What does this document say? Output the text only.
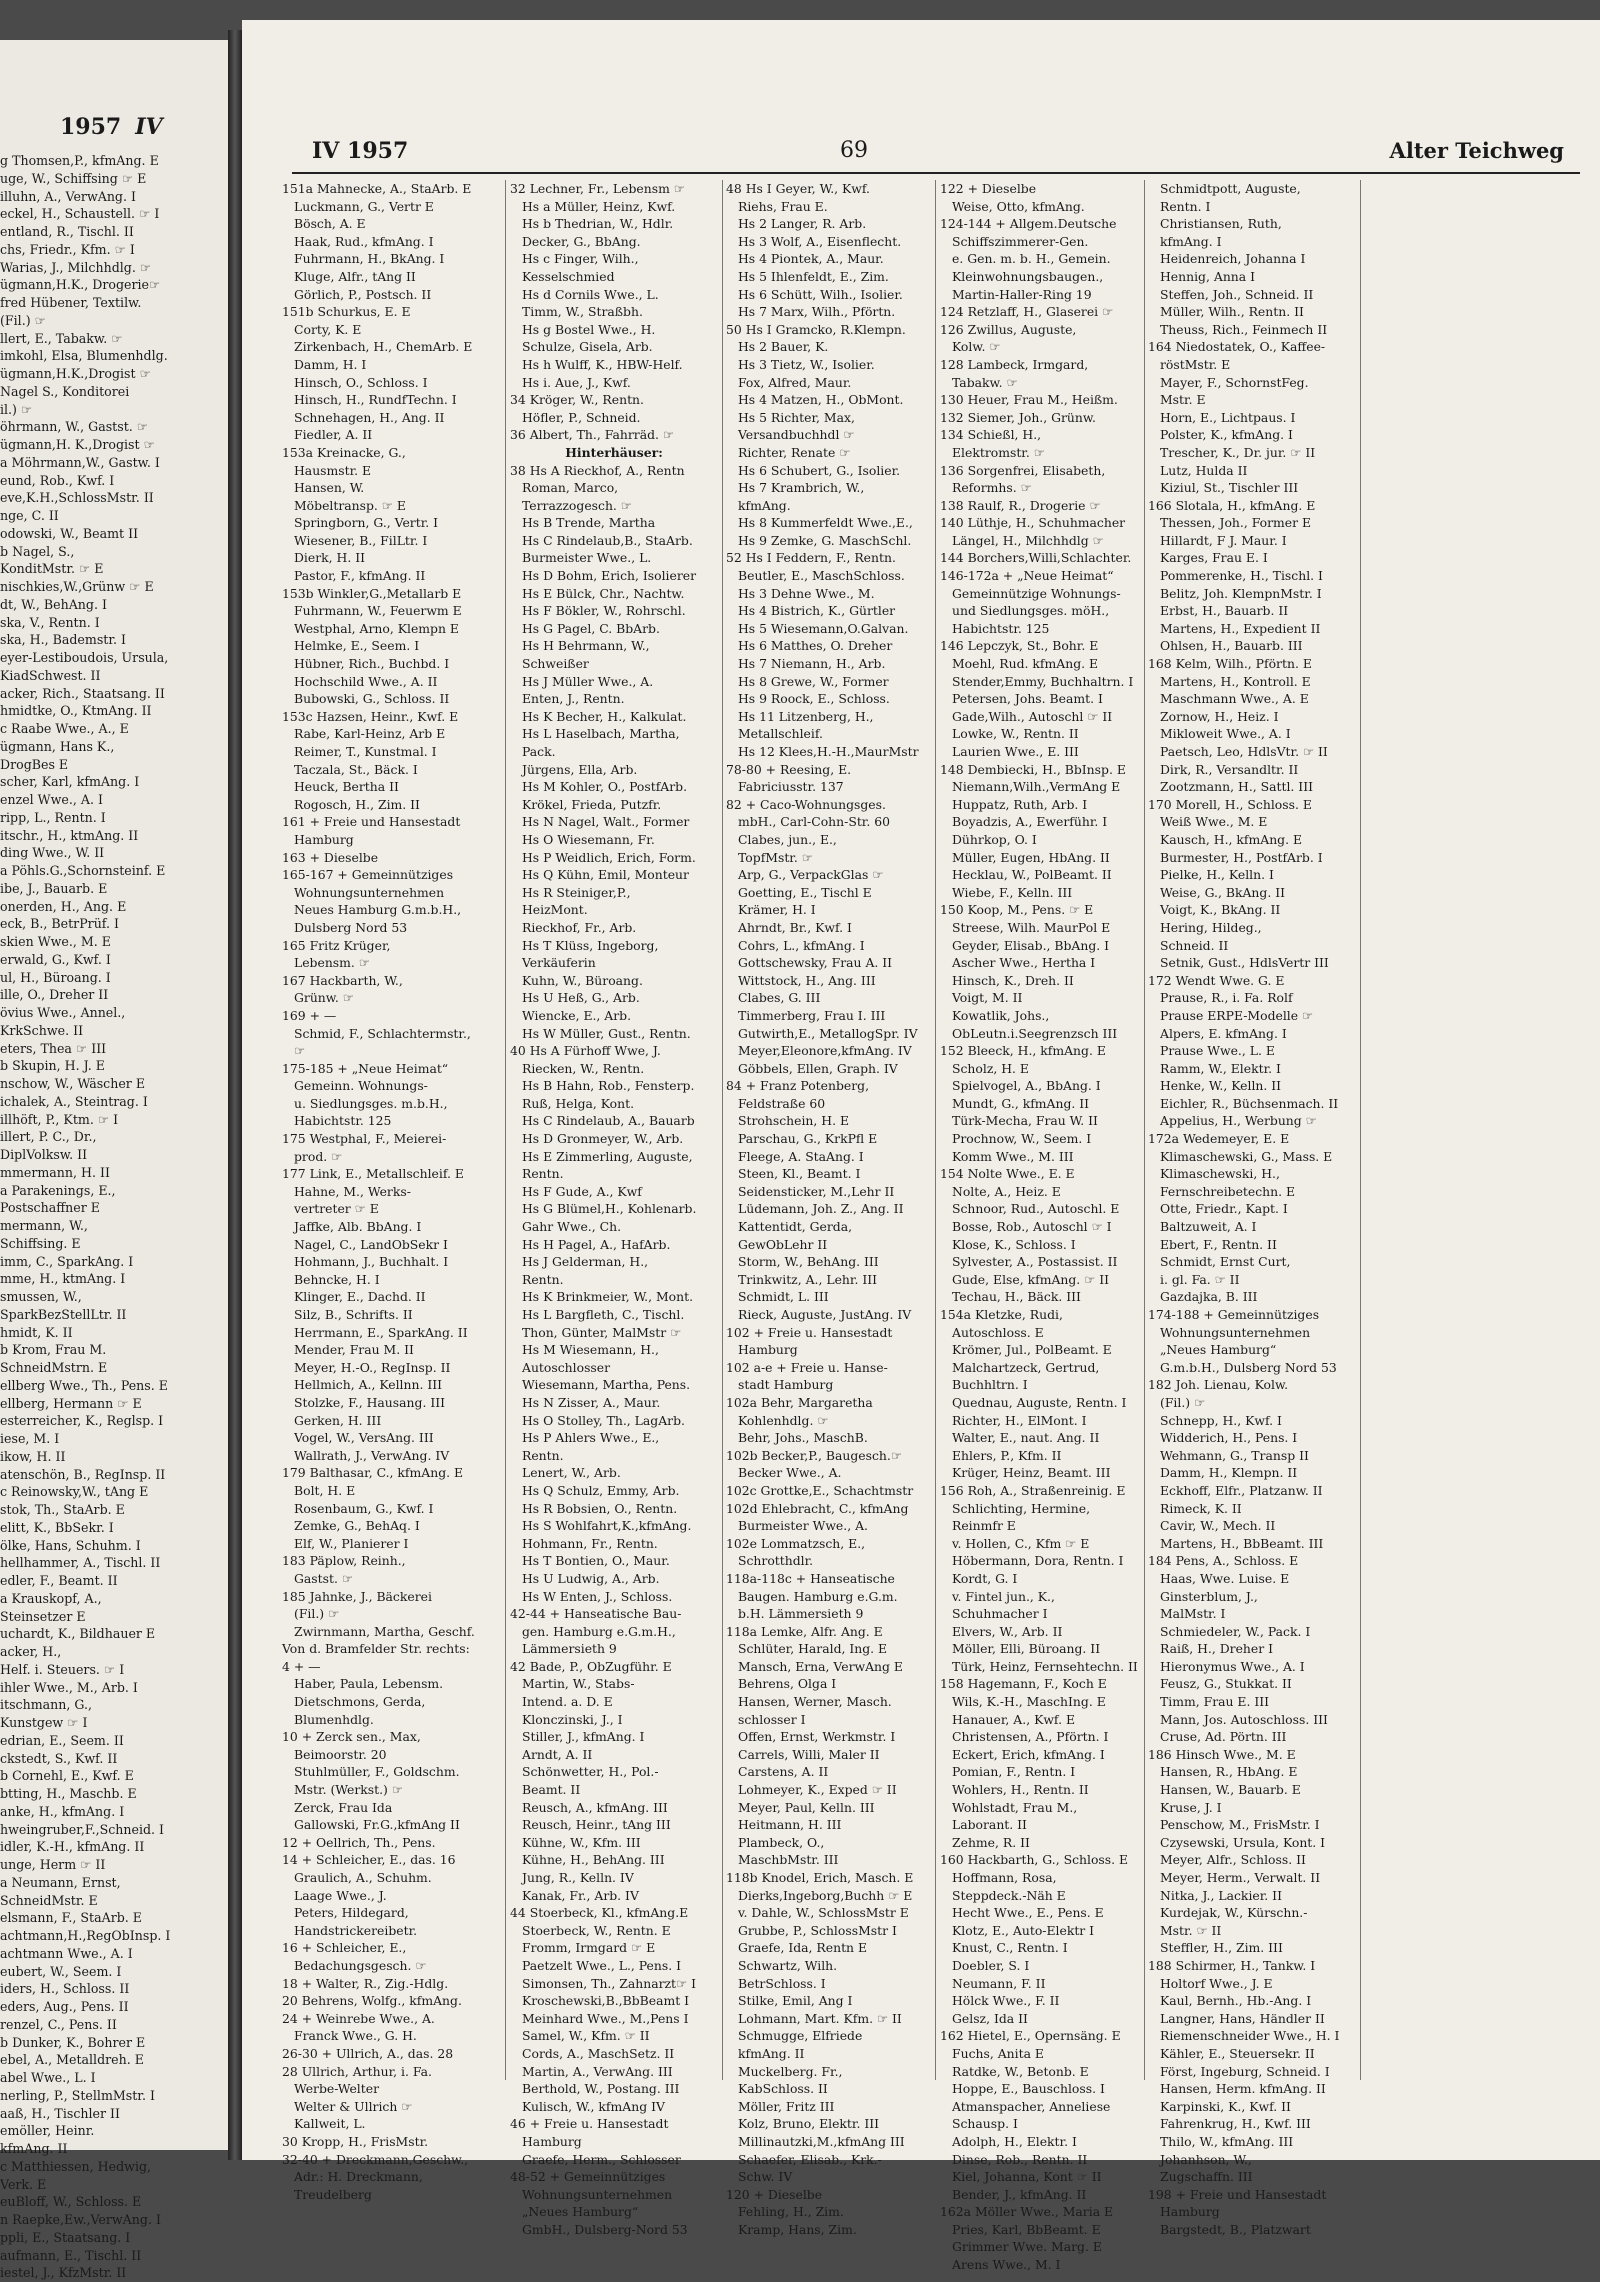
1957 IV
g Thomsen,P., kfmAng. E
uge, W., Schiffsing ☞ E
illuhn, A., VerwAng. I
eckel, H., Schaustell. ☞ I
entland, R., Tischl. II
chs, Friedr., Kfm. ☞ I
Warias, J., Milchhdlg. ☞
ügmann,H.K., Drogerie☞
fred Hübener, Textilw.
(Fil.) ☞
llert, E., Tabakw. ☞
imkohl, Elsa, Blumenhdlg.
ügmann,H.K.,Drogist ☞
Nagel S., Konditorei
il.) ☞
öhrmann, W., Gastst. ☞
ügmann,H. K.,Drogist ☞
a Möhrmann,W., Gastw. I
eund, Rob., Kwf. I
eve,K.H.,SchlossMstr. II
nge, C. II
odowski, W., Beamt II
b Nagel, S.,
KonditMstr. ☞ E
nischkies,W.,Grünw ☞ E
dt, W., BehAng. I
ska, V., Rentn. I
ska, H., Bademstr. I
eyer-Lestiboudois, Ursula,
KiadSchwest. II
acker, Rich., Staatsang. II
hmidtke, O., KtmAng. II
c Raabe Wwe., A., E
ügmann, Hans K.,
DrogBes E
scher, Karl, kfmAng. I
enzel Wwe., A. I
ripp, L., Rentn. I
itschr., H., ktmAng. II
ding Wwe., W. II
a Pöhls.G.,Schornsteinf. E
ibe, J., Bauarb. E
onerden, H., Ang. E
eck, B., BetrPrüf. I
skien Wwe., M. E
erwald, G., Kwf. I
ul, H., Büroang. I
ille, O., Dreher II
övius Wwe., Annel.,
KrkSchwe. II
eters, Thea ☞ III
b Skupin, H. J. E
nschow, W., Wäscher E
ichalek, A., Steintrag. I
illhöft, P., Ktm. ☞ I
illert, P. C., Dr.,
DiplVolksw. II
mmermann, H. II
a Parakenings, E.,
Postschaffner E
mermann, W.,
Schiffsing. E
imm, C., SparkAng. I
mme, H., ktmAng. I
smussen, W.,
SparkBezStellLtr. II
hmidt, K. II
b Krom, Frau M.
SchneidMstrn. E
ellberg Wwe., Th., Pens. E
ellberg, Hermann ☞ E
esterreicher, K., Reglsp. I
iese, M. I
ikow, H. II
atenschön, B., RegInsp. II
c Reinowsky,W., tAng E
stok, Th., StaArb. E
elitt, K., BbSekr. I
ölke, Hans, Schuhm. I
hellhammer, A., Tischl. II
edler, F., Beamt. II
a Krauskopf, A.,
Steinsetzer E
uchardt, K., Bildhauer E
acker, H.,
Helf. i. Steuers. ☞ I
ihler Wwe., M., Arb. I
itschmann, G.,
Kunstgew ☞ I
edrian, E., Seem. II
ckstedt, S., Kwf. II
b Cornehl, E., Kwf. E
btting, H., Maschb. E
anke, H., kfmAng. I
hweingruber,F.,Schneid. I
idler, K.-H., kfmAng. II
unge, Herm ☞ II
a Neumann, Ernst,
SchneidMstr. E
elsmann, F., StaArb. E
achtmann,H.,RegObInsp. I
achtmann Wwe., A. I
eubert, W., Seem. I
iders, H., Schloss. II
eders, Aug., Pens. II
renzel, C., Pens. II
b Dunker, K., Bohrer E
ebel, A., Metalldreh. E
abel Wwe., L. I
nerling, P., StellmMstr. I
aaß, H., Tischler II
emöller, Heinr.
kfmAng. II
c Matthiessen, Hedwig,
Verk. E
euBloff, W., Schloss. E
n Raepke,Ew.,VerwAng. I
ppli, E., Staatsang. I
aufmann, E., Tischl. II
iestel, J., KfzMstr. II
IV 1957	69	Alter Teichweg
151a Mahnecke, A., StaArb. E
Luckmann, G., Vertr E
Bösch, A. E
Haak, Rud., kfmAng. I
Fuhrmann, H., BkAng. I
Kluge, Alfr., tAng II
Görlich, P., Postsch. II
151b Schurkus, E. E
Corty, K. E
Zirkenbach, H., ChemArb. E
Damm, H. I
Hinsch, O., Schloss. I
Hinsch, H., RundfTechn. I
Schnehagen, H., Ang. II
Fiedler, A. II
153a Kreinacke, G.,
Hausmstr. E
Hansen, W.
Möbeltransp. ☞ E
Springborn, G., Vertr. I
Wiesener, B., FilLtr. I
Dierk, H. II
Pastor, F., kfmAng. II
153b Winkler,G.,Metallarb E
Fuhrmann, W., Feuerwm E
Westphal, Arno, Klempn E
Helmke, E., Seem. I
Hübner, Rich., Buchbd. I
Hochschild Wwe., A. II
Bubowski, G., Schloss. II
153c Hazsen, Heinr., Kwf. E
Rabe, Karl-Heinz, Arb E
Reimer, T., Kunstmal. I
Taczala, St., Bäck. I
Heuck, Bertha II
Rogosch, H., Zim. II
161 + Freie und Hansestadt
Hamburg
163 + Dieselbe
165-167 + Gemeinnütziges
Wohnungsunternehmen
Neues Hamburg G.m.b.H.,
Dulsberg Nord 53
165 Fritz Krüger,
Lebensm. ☞
167 Hackbarth, W.,
Grünw. ☞
169 + —
Schmid, F., Schlachtermstr.,
☞
175-185 + „Neue Heimat“
Gemeinn. Wohnungs-
u. Siedlungsges. m.b.H.,
Habichtstr. 125
175 Westphal, F., Meierei-
prod. ☞
177 Link, E., Metallschleif. E
Hahne, M., Werks-
vertreter ☞ E
Jaffke, Alb. BbAng. I
Nagel, C., LandObSekr I
Hohmann, J., Buchhalt. I
Behncke, H. I
Klinger, E., Dachd. II
Silz, B., Schrifts. II
Herrmann, E., SparkAng. II
Mender, Frau M. II
Meyer, H.-O., RegInsp. II
Hellmich, A., Kellnn. III
Stolzke, F., Hausang. III
Gerken, H. III
Vogel, W., VersAng. III
Wallrath, J., VerwAng. IV
179 Balthasar, C., kfmAng. E
Bolt, H. E
Rosenbaum, G., Kwf. I
Zemke, G., BehAq. I
Elf, W., Planierer I
183 Päplow, Reinh.,
Gastst. ☞
185 Jahnke, J., Bäckerei
(Fil.) ☞
Zwirnmann, Martha, Geschf.
Von d. Bramfelder Str. rechts:
4 + —
Haber, Paula, Lebensm.
Dietschmons, Gerda,
Blumenhdlg.
10 + Zerck sen., Max,
Beimoorstr. 20
Stuhlmüller, F., Goldschm.
Mstr. (Werkst.) ☞
Zerck, Frau Ida
Gallowski, Fr.G.,kfmAng II
12 + Oellrich, Th., Pens.
14 + Schleicher, E., das. 16
Graulich, A., Schuhm.
Laage Wwe., J.
Peters, Hildegard,
Handstrickereibetr.
16 + Schleicher, E.,
Bedachungsgesch. ☞
18 + Walter, R., Zig.-Hdlg.
20 Behrens, Wolfg., kfmAng.
24 + Weinrebe Wwe., A.
Franck Wwe., G. H.
26-30 + Ullrich, A., das. 28
28 Ullrich, Arthur, i. Fa.
Werbe-Welter
Welter & Ullrich ☞
Kallweit, L.
30 Kropp, H., FrisMstr.
32-40 + Dreckmann,Geschw.,
Adr.: H. Dreckmann,
Treudelberg
32 Lechner, Fr., Lebensm ☞
Hs a Müller, Heinz, Kwf.
Hs b Thedrian, W., Hdlr.
Decker, G., BbAng.
Hs c Finger, Wilh.,
Kesselschmied
Hs d Cornils Wwe., L.
Timm, W., Straßbh.
Hs g Bostel Wwe., H.
Schulze, Gisela, Arb.
Hs h Wulff, K., HBW-Helf.
Hs i. Aue, J., Kwf.
34 Kröger, W., Rentn.
Höfler, P., Schneid.
36 Albert, Th., Fahrräd. ☞
Hinterhäuser:
38 Hs A Rieckhof, A., Rentn
Roman, Marco,
Terrazzogesch. ☞
Hs B Trende, Martha
Hs C Rindelaub,B., StaArb.
Burmeister Wwe., L.
Hs D Bohm, Erich, Isolierer
Hs E Bülck, Chr., Nachtw.
Hs F Bökler, W., Rohrschl.
Hs G Pagel, C. BbArb.
Hs H Behrmann, W.,
Schweißer
Hs J Müller Wwe., A.
Enten, J., Rentn.
Hs K Becher, H., Kalkulat.
Hs L Haselbach, Martha,
Pack.
Jürgens, Ella, Arb.
Hs M Kohler, O., PostfArb.
Krökel, Frieda, Putzfr.
Hs N Nagel, Walt., Former
Hs O Wiesemann, Fr.
Hs P Weidlich, Erich, Form.
Hs Q Kühn, Emil, Monteur
Hs R Steiniger,P.,
HeizMont.
Rieckhof, Fr., Arb.
Hs T Klüss, Ingeborg,
Verkäuferin
Kuhn, W., Büroang.
Hs U Heß, G., Arb.
Wiencke, E., Arb.
Hs W Müller, Gust., Rentn.
40 Hs A Fürhoff Wwe, J.
Riecken, W., Rentn.
Hs B Hahn, Rob., Fensterp.
Ruß, Helga, Kont.
Hs C Rindelaub, A., Bauarb
Hs D Gronmeyer, W., Arb.
Hs E Zimmerling, Auguste,
Rentn.
Hs F Gude, A., Kwf
Hs G Blümel,H., Kohlenarb.
Gahr Wwe., Ch.
Hs H Pagel, A., HafArb.
Hs J Gelderman, H.,
Rentn.
Hs K Brinkmeier, W., Mont.
Hs L Bargfleth, C., Tischl.
Thon, Günter, MalMstr ☞
Hs M Wiesemann, H.,
Autoschlosser
Wiesemann, Martha, Pens.
Hs N Zisser, A., Maur.
Hs O Stolley, Th., LagArb.
Hs P Ahlers Wwe., E.,
Rentn.
Lenert, W., Arb.
Hs Q Schulz, Emmy, Arb.
Hs R Bobsien, O., Rentn.
Hs S Wohlfahrt,K.,kfmAng.
Hohmann, Fr., Rentn.
Hs T Bontien, O., Maur.
Hs U Ludwig, A., Arb.
Hs W Enten, J., Schloss.
42-44 + Hanseatische Bau-
gen. Hamburg e.G.m.H.,
Lämmersieth 9
42 Bade, P., ObZugführ. E
Martin, W., Stabs-
Intend. a. D. E
Klonczinski, J., I
Stiller, J., kfmAng. I
Arndt, A. II
Schönwetter, H., Pol.-
Beamt. II
Reusch, A., kfmAng. III
Reusch, Heinr., tAng III
Kühne, W., Kfm. III
Kühne, H., BehAng. III
Jung, R., Kelln. IV
Kanak, Fr., Arb. IV
44 Stoerbeck, Kl., kfmAng.E
Stoerbeck, W., Rentn. E
Fromm, Irmgard ☞ E
Paetzelt Wwe., L., Pens. I
Simonsen, Th., Zahnarzt☞ I
Kroschewski,B.,BbBeamt I
Meinhard Wwe., M.,Pens I
Samel, W., Kfm. ☞ II
Cords, A., MaschSetz. II
Martin, A., VerwAng. III
Berthold, W., Postang. III
Kulisch, W., kfmAng IV
46 + Freie u. Hansestadt
Hamburg
Graefe, Herm., Schlosser
48-52 + Gemeinnütziges
Wohnungsunternehmen
„Neues Hamburg“
GmbH., Dulsberg-Nord 53
48 Hs I Geyer, W., Kwf.
Riehs, Frau E.
Hs 2 Langer, R. Arb.
Hs 3 Wolf, A., Eisenflecht.
Hs 4 Piontek, A., Maur.
Hs 5 Ihlenfeldt, E., Zim.
Hs 6 Schütt, Wilh., Isolier.
Hs 7 Marx, Wilh., Pförtn.
50 Hs I Gramcko, R.Klempn.
Hs 2 Bauer, K.
Hs 3 Tietz, W., Isolier.
Fox, Alfred, Maur.
Hs 4 Matzen, H., ObMont.
Hs 5 Richter, Max,
Versandbuchhdl ☞
Richter, Renate ☞
Hs 6 Schubert, G., Isolier.
Hs 7 Krambrich, W.,
kfmAng.
Hs 8 Kummerfeldt Wwe.,E.,
Hs 9 Zemke, G. MaschSchl.
52 Hs I Feddern, F., Rentn.
Beutler, E., MaschSchloss.
Hs 3 Dehne Wwe., M.
Hs 4 Bistrich, K., Gürtler
Hs 5 Wiesemann,O.Galvan.
Hs 6 Matthes, O. Dreher
Hs 7 Niemann, H., Arb.
Hs 8 Grewe, W., Former
Hs 9 Roock, E., Schloss.
Hs 11 Litzenberg, H.,
Metallschleif.
Hs 12 Klees,H.-H.,MaurMstr
78-80 + Reesing, E.
Fabriciusstr. 137
82 + Caco-Wohnungsges.
mbH., Carl-Cohn-Str. 60
Clabes, jun., E.,
TopfMstr. ☞
Arp, G., VerpackGlas ☞
Goetting, E., Tischl E
Krämer, H. I
Ahrndt, Br., Kwf. I
Cohrs, L., kfmAng. I
Gottschewsky, Frau A. II
Wittstock, H., Ang. III
Clabes, G. III
Timmerberg, Frau I. III
Gutwirth,E., MetallogSpr. IV
Meyer,Eleonore,kfmAng. IV
Göbbels, Ellen, Graph. IV
84 + Franz Potenberg,
Feldstraße 60
Strohschein, H. E
Parschau, G., KrkPfl E
Fleege, A. StaAng. I
Steen, Kl., Beamt. I
Seidensticker, M.,Lehr II
Lüdemann, Joh. Z., Ang. II
Kattentidt, Gerda,
GewObLehr II
Storm, W., BehAng. III
Trinkwitz, A., Lehr. III
Schmidt, L. III
Rieck, Auguste, JustAng. IV
102 + Freie u. Hansestadt
Hamburg
102 a-e + Freie u. Hanse-
stadt Hamburg
102a Behr, Margaretha
Kohlenhdlg. ☞
Behr, Johs., MaschB.
102b Becker,P., Baugesch.☞
Becker Wwe., A.
102c Grottke,E., Schachtmstr
102d Ehlebracht, C., kfmAng
Burmeister Wwe., A.
102e Lommatzsch, E.,
Schrotthdlr.
118a-118c + Hanseatische
Baugen. Hamburg e.G.m.
b.H. Lämmersieth 9
118a Lemke, Alfr. Ang. E
Schlüter, Harald, Ing. E
Mansch, Erna, VerwAng E
Behrens, Olga I
Hansen, Werner, Masch.
schlosser I
Offen, Ernst, Werkmstr. I
Carrels, Willi, Maler II
Carstens, A. II
Lohmeyer, K., Exped ☞ II
Meyer, Paul, Kelln. III
Heitmann, H. III
Plambeck, O.,
MaschbMstr. III
118b Knodel, Erich, Masch. E
Dierks,Ingeborg,Buchh ☞ E
v. Dahle, W., SchlossMstr E
Grubbe, P., SchlossMstr I
Graefe, Ida, Rentn E
Schwartz, Wilh.
BetrSchloss. I
Stilke, Emil, Ang I
Lohmann, Mart. Kfm. ☞ II
Schmugge, Elfriede
kfmAng. II
Muckelberg. Fr.,
KabSchloss. II
Möller, Fritz III
Kolz, Bruno, Elektr. III
Millinautzki,M.,kfmAng III
Schaefer, Elisab., Krk.-
Schw. IV
120 + Dieselbe
Fehling, H., Zim.
Kramp, Hans, Zim.
122 + Dieselbe
Weise, Otto, kfmAng.
124-144 + Allgem.Deutsche
Schiffszimmerer-Gen.
e. Gen. m. b. H., Gemein.
Kleinwohnungsbaugen.,
Martin-Haller-Ring 19
124 Retzlaff, H., Glaserei ☞
126 Zwillus, Auguste,
Kolw. ☞
128 Lambeck, Irmgard,
Tabakw. ☞
130 Heuer, Frau M., Heißm.
132 Siemer, Joh., Grünw.
134 Schießl, H.,
Elektromstr. ☞
136 Sorgenfrei, Elisabeth,
Reformhs. ☞
138 Raulf, R., Drogerie ☞
140 Lüthje, H., Schuhmacher
Längel, H., Milchhdlg ☞
144 Borchers,Willi,Schlachter.
146-172a + „Neue Heimat“
Gemeinnützige Wohnungs-
und Siedlungsges. möH.,
Habichtstr. 125
146 Lepczyk, St., Bohr. E
Moehl, Rud. kfmAng. E
Stender,Emmy, Buchhaltrn. I
Petersen, Johs. Beamt. I
Gade,Wilh., Autoschl ☞ II
Lowke, W., Rentn. II
Laurien Wwe., E. III
148 Dembiecki, H., BbInsp. E
Niemann,Wilh.,VermAng E
Huppatz, Ruth, Arb. I
Boyadzis, A., Ewerführ. I
Dührkop, O. I
Müller, Eugen, HbAng. II
Hecklau, W., PolBeamt. II
Wiebe, F., Kelln. III
150 Koop, M., Pens. ☞ E
Streese, Wilh. MaurPol E
Geyder, Elisab., BbAng. I
Ascher Wwe., Hertha I
Hinsch, K., Dreh. II
Voigt, M. II
Kowatlik, Johs.,
ObLeutn.i.Seegrenzsch III
152 Bleeck, H., kfmAng. E
Scholz, H. E
Spielvogel, A., BbAng. I
Mundt, G., kfmAng. II
Türk-Mecha, Frau W. II
Prochnow, W., Seem. I
Komm Wwe., M. III
154 Nolte Wwe., E. E
Nolte, A., Heiz. E
Schnoor, Rud., Autoschl. E
Bosse, Rob., Autoschl ☞ I
Klose, K., Schloss. I
Sylvester, A., Postassist. II
Gude, Else, kfmAng. ☞ II
Techau, H., Bäck. III
154a Kletzke, Rudi,
Autoschloss. E
Krömer, Jul., PolBeamt. E
Malchartzeck, Gertrud,
Buchhltrn. I
Quednau, Auguste, Rentn. I
Richter, H., ElMont. I
Walter, E., naut. Ang. II
Ehlers, P., Kfm. II
Krüger, Heinz, Beamt. III
156 Roh, A., Straßenreinig. E
Schlichting, Hermine,
Reinmfr E
v. Hollen, C., Kfm ☞ E
Höbermann, Dora, Rentn. I
Kordt, G. I
v. Fintel jun., K.,
Schuhmacher I
Elvers, W., Arb. II
Möller, Elli, Büroang. II
Türk, Heinz, Fernsehtechn. II
158 Hagemann, F., Koch E
Wils, K.-H., MaschIng. E
Hanauer, A., Kwf. E
Christensen, A., Pförtn. I
Eckert, Erich, kfmAng. I
Pomian, F., Rentn. I
Wohlers, H., Rentn. II
Wohlstadt, Frau M.,
Laborant. II
Zehme, R. II
160 Hackbarth, G., Schloss. E
Hoffmann, Rosa,
Steppdeck.-Näh E
Hecht Wwe., E., Pens. E
Klotz, E., Auto-Elektr I
Knust, C., Rentn. I
Doebler, S. I
Neumann, F. II
Hölck Wwe., F. II
Gelsz, Ida II
162 Hietel, E., Opernsäng. E
Fuchs, Anita E
Ratdke, W., Betonb. E
Hoppe, E., Bauschloss. I
Atmanspacher, Anneliese
Schausp. I
Adolph, H., Elektr. I
Dinse, Rob., Rentn. II
Kiel, Johanna, Kont ☞ II
Bender, J., kfmAng. II
162a Möller Wwe., Maria E
Pries, Karl, BbBeamt. E
Grimmer Wwe. Marg. E
Arens Wwe., M. I
Schmidtpott, Auguste,
Rentn. I
Christiansen, Ruth,
kfmAng. I
Heidenreich, Johanna I
Hennig, Anna I
Steffen, Joh., Schneid. II
Müller, Wilh., Rentn. II
Theuss, Rich., Feinmech II
164 Niedostatek, O., Kaffee-
röstMstr. E
Mayer, F., SchornstFeg.
Mstr. E
Horn, E., Lichtpaus. I
Polster, K., kfmAng. I
Trescher, K., Dr. jur. ☞ II
Lutz, Hulda II
Kiziul, St., Tischler III
166 Slotala, H., kfmAng. E
Thessen, Joh., Former E
Hillardt, F J. Maur. I
Karges, Frau E. I
Pommerenke, H., Tischl. I
Belitz, Joh. KlempnMstr. I
Erbst, H., Bauarb. II
Martens, H., Expedient II
Ohlsen, H., Bauarb. III
168 Kelm, Wilh., Pförtn. E
Martens, H., Kontroll. E
Maschmann Wwe., A. E
Zornow, H., Heiz. I
Mikloweit Wwe., A. I
Paetsch, Leo, HdlsVtr. ☞ II
Dirk, R., Versandltr. II
Zootzmann, H., Sattl. III
170 Morell, H., Schloss. E
Weiß Wwe., M. E
Kausch, H., kfmAng. E
Burmester, H., PostfArb. I
Pielke, H., Kelln. I
Weise, G., BkAng. II
Voigt, K., BkAng. II
Hering, Hildeg.,
Schneid. II
Setnik, Gust., HdlsVertr III
172 Wendt Wwe. G. E
Prause, R., i. Fa. Rolf
Prause ERPE-Modelle ☞
Alpers, E. kfmAng. I
Prause Wwe., L. E
Ramm, W., Elektr. I
Henke, W., Kelln. II
Eichler, R., Büchsenmach. II
Appelius, H., Werbung ☞
172a Wedemeyer, E. E
Klimaschewski, G., Mass. E
Klimaschewski, H.,
Fernschreibetechn. E
Otte, Friedr., Kapt. I
Baltzuweit, A. I
Ebert, F., Rentn. II
Schmidt, Ernst Curt,
i. gl. Fa. ☞ II
Gazdajka, B. III
174-188 + Gemeinnütziges
Wohnungsunternehmen
„Neues Hamburg“
G.m.b.H., Dulsberg Nord 53
182 Joh. Lienau, Kolw.
(Fil.) ☞
Schnepp, H., Kwf. I
Widderich, H., Pens. I
Wehmann, G., Transp II
Damm, H., Klempn. II
Eckhoff, Elfr., Platzanw. II
Rimeck, K. II
Cavir, W., Mech. II
Martens, H., BbBeamt. III
184 Pens, A., Schloss. E
Haas, Wwe. Luise. E
Ginsterblum, J.,
MalMstr. I
Schmiedeler, W., Pack. I
Raiß, H., Dreher I
Hieronymus Wwe., A. I
Feusz, G., Stukkat. II
Timm, Frau E. III
Mann, Jos. Autoschloss. III
Cruse, Ad. Pörtn. III
186 Hinsch Wwe., M. E
Hansen, R., HbAng. E
Hansen, W., Bauarb. E
Kruse, J. I
Penschow, M., FrisMstr. I
Czysewski, Ursula, Kont. I
Meyer, Alfr., Schloss. II
Meyer, Herm., Verwalt. II
Nitka, J., Lackier. II
Kurdejak, W., Kürschn.-
Mstr. ☞ II
Steffler, H., Zim. III
188 Schirmer, H., Tankw. I
Holtorf Wwe., J. E
Kaul, Bernh., Hb.-Ang. I
Langner, Hans, Händler II
Riemenschneider Wwe., H. I
Kähler, E., Steuersekr. II
Först, Ingeburg, Schneid. I
Hansen, Herm. kfmAng. II
Karpinski, K., Kwf. II
Fahrenkrug, H., Kwf. III
Thilo, W., kfmAng. III
Johanhson, W.,
Zugschaffn. III
198 + Freie und Hansestadt
Hamburg
Bargstedt, B., Platzwart
